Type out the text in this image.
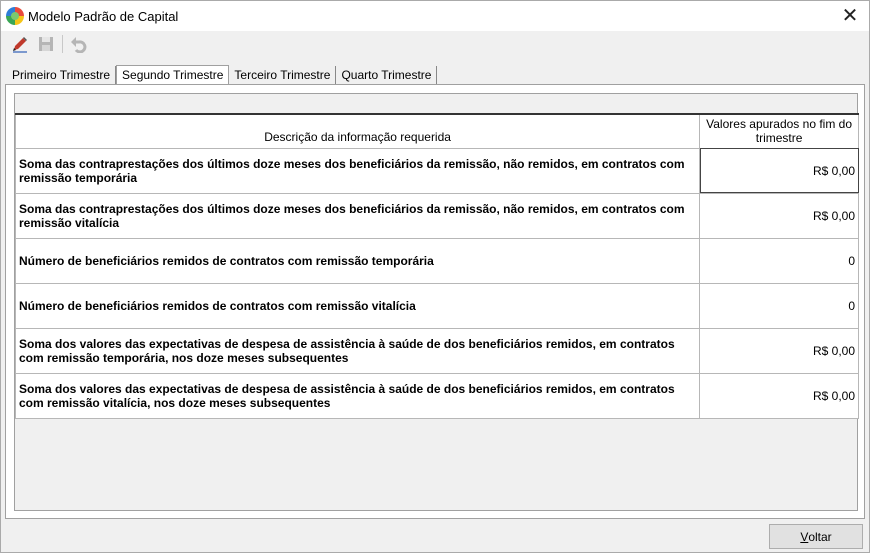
Modelo Padrão de Capital	✕
Primeiro Trimestre	Segundo Trimestre Terceiro Trimestre Quarto Trimestre
Descrição da informação requerida	Valores apurados no fim do trimestre
Soma das contraprestações dos últimos doze meses dos beneficiários da remissão, não remidos, em contratos com remissão temporária	R$ 0,00
Soma das contraprestações dos últimos doze meses dos beneficiários da remissão, não remidos, em contratos com remissão vitalícia	R$ 0,00
Número de beneficiários remidos de contratos com remissão temporária	0
Número de beneficiários remidos de contratos com remissão vitalícia	0
Soma dos valores das expectativas de despesa de assistência à saúde de dos beneficiários remidos, em contratos com remissão temporária, nos doze meses subsequentes	R$ 0,00
Soma dos valores das expectativas de despesa de assistência à saúde de dos beneficiários remidos, em contratos com remissão vitalícia, nos doze meses subsequentes	R$ 0,00
V oltar
